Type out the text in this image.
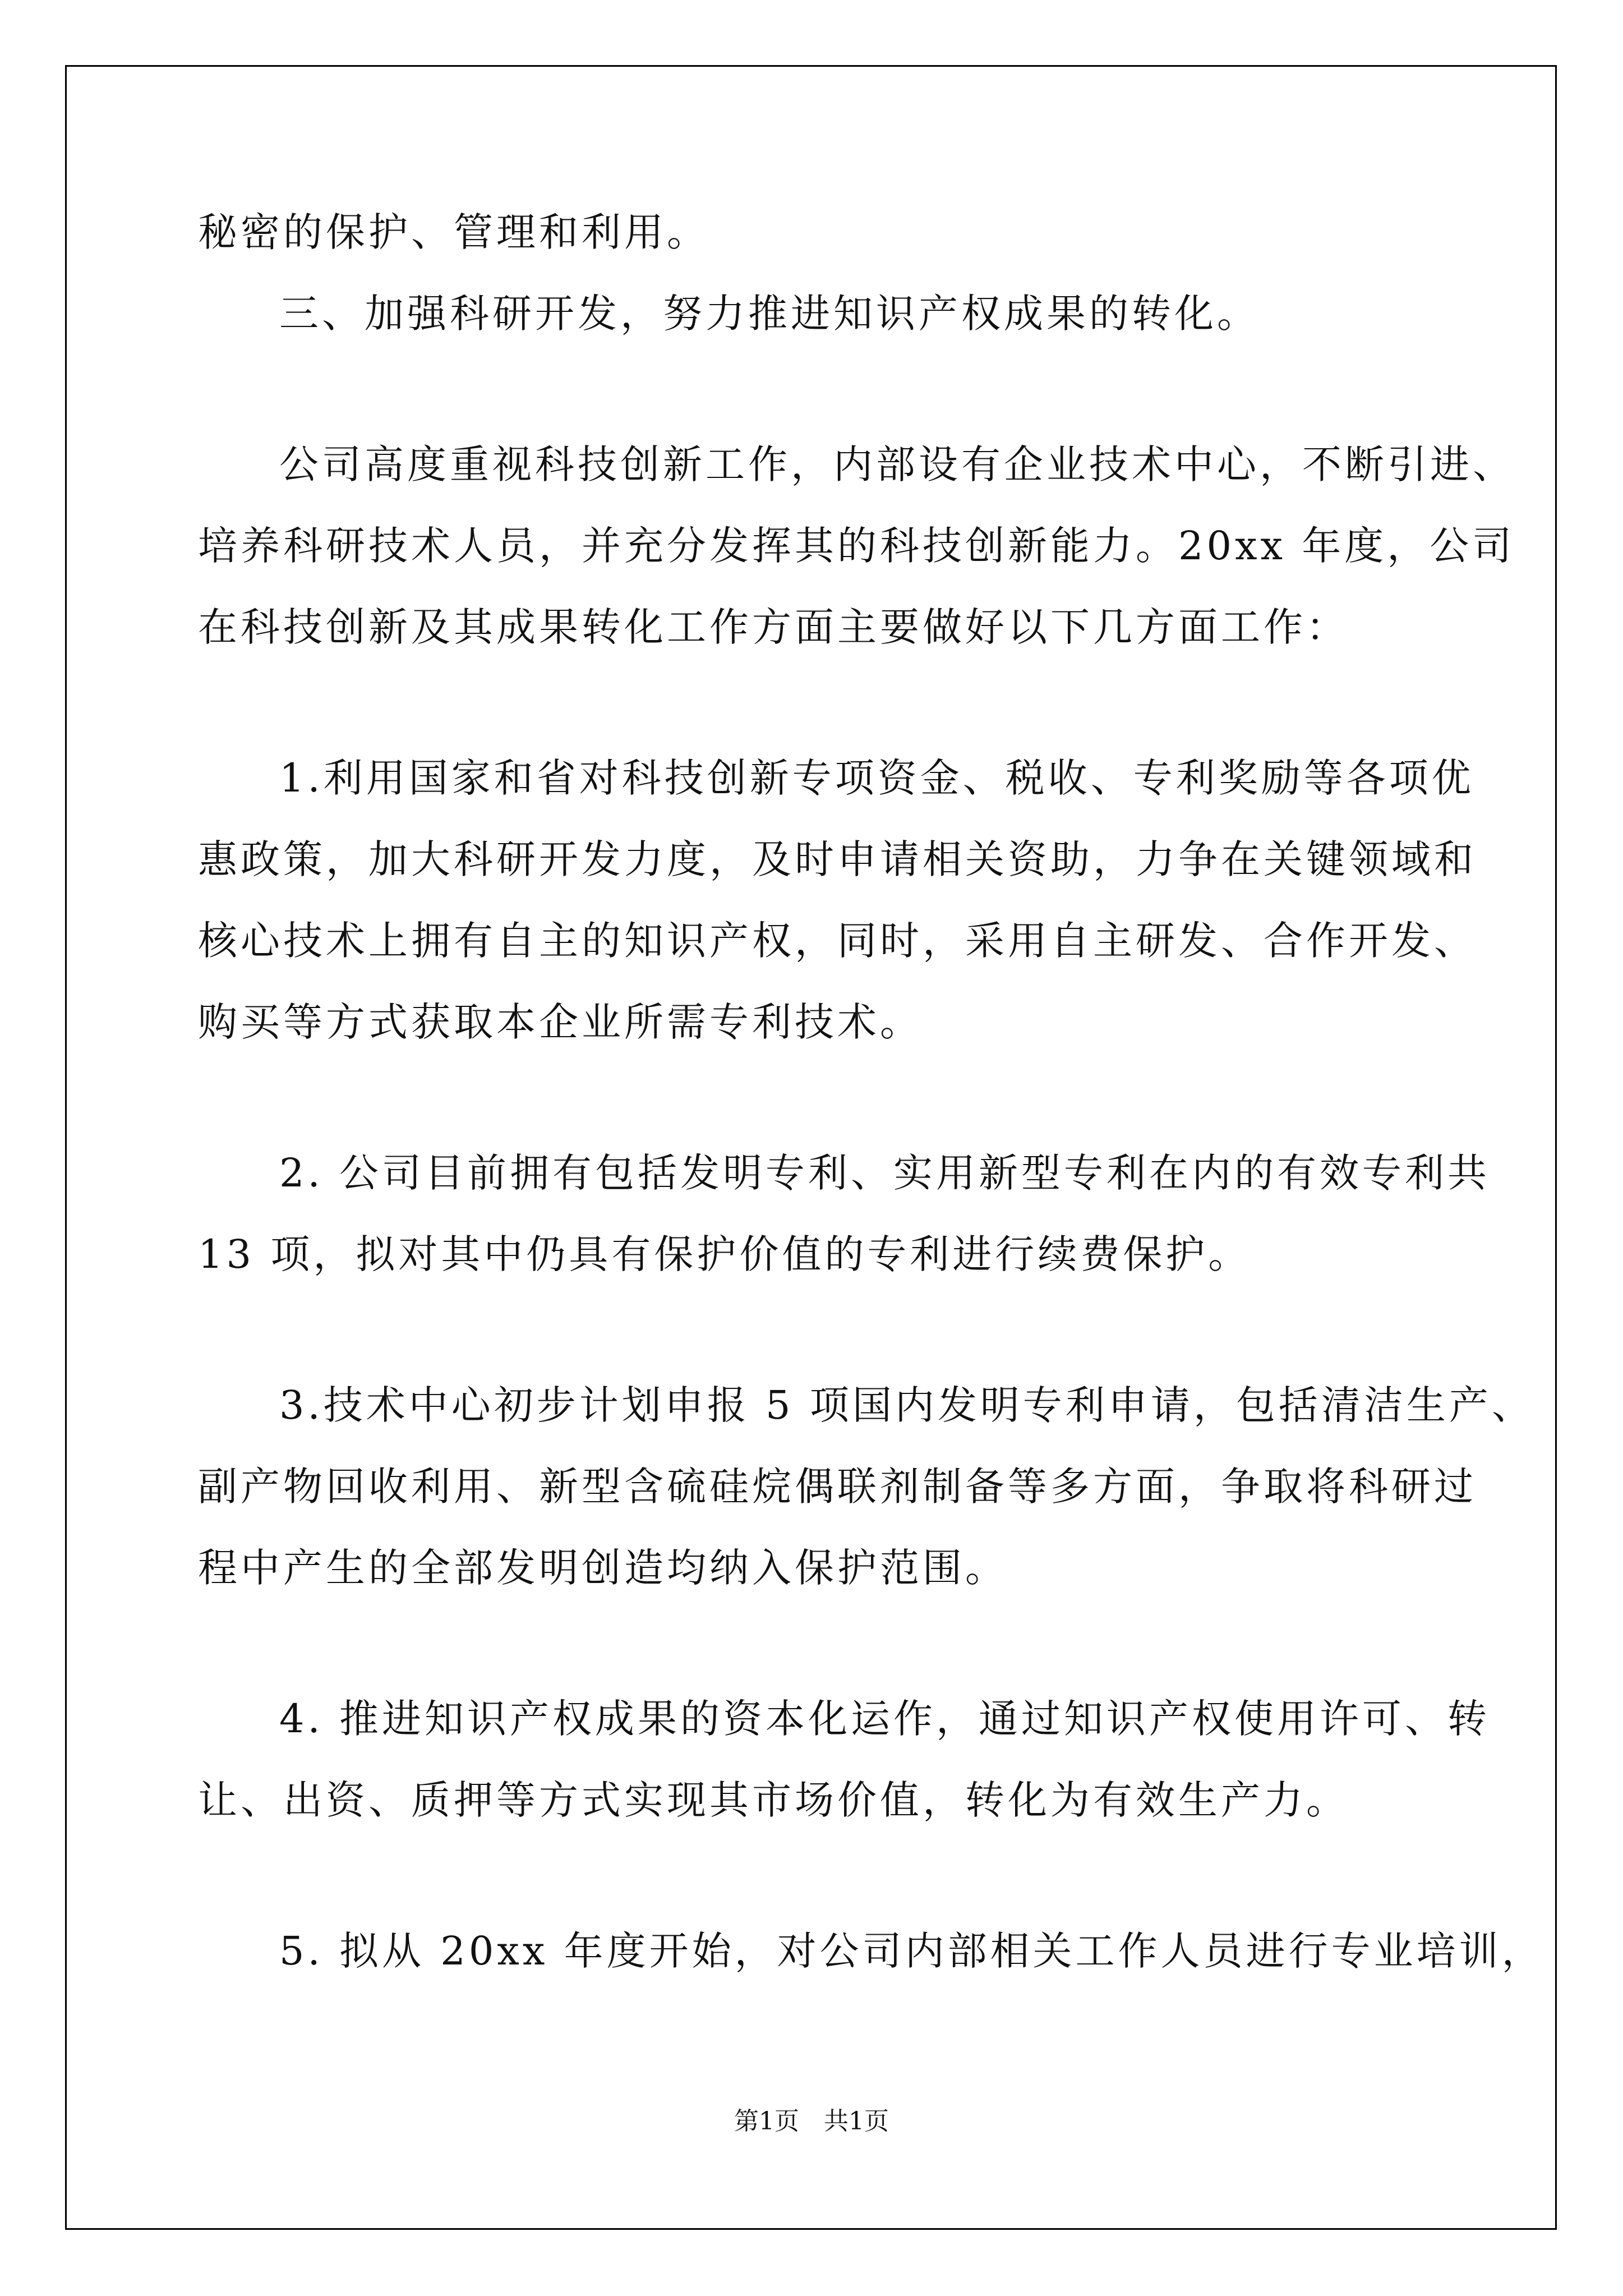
秘密的保护、管理和利用。
三、加强科研开发，努力推进知识产权成果的转化。
公司高度重视科技创新工作，内部设有企业技术中心，不断引进、
培养科研技术人员，并充分发挥其的科技创新能力。20xx 年度，公司
在科技创新及其成果转化工作方面主要做好以下几方面工作：
1.利用国家和省对科技创新专项资金、税收、专利奖励等各项优
惠政策，加大科研开发力度，及时申请相关资助，力争在关键领域和
核心技术上拥有自主的知识产权，同时，采用自主研发、合作开发、
购买等方式获取本企业所需专利技术。
2. 公司目前拥有包括发明专利、实用新型专利在内的有效专利共
13 项，拟对其中仍具有保护价值的专利进行续费保护。
3.技术中心初步计划申报 5 项国内发明专利申请，包括清洁生产、
副产物回收利用、新型含硫硅烷偶联剂制备等多方面，争取将科研过
程中产生的全部发明创造均纳入保护范围。
4. 推进知识产权成果的资本化运作，通过知识产权使用许可、转
让、出资、质押等方式实现其市场价值，转化为有效生产力。
5. 拟从 20xx 年度开始，对公司内部相关工作人员进行专业培训，
第1页　共1页
